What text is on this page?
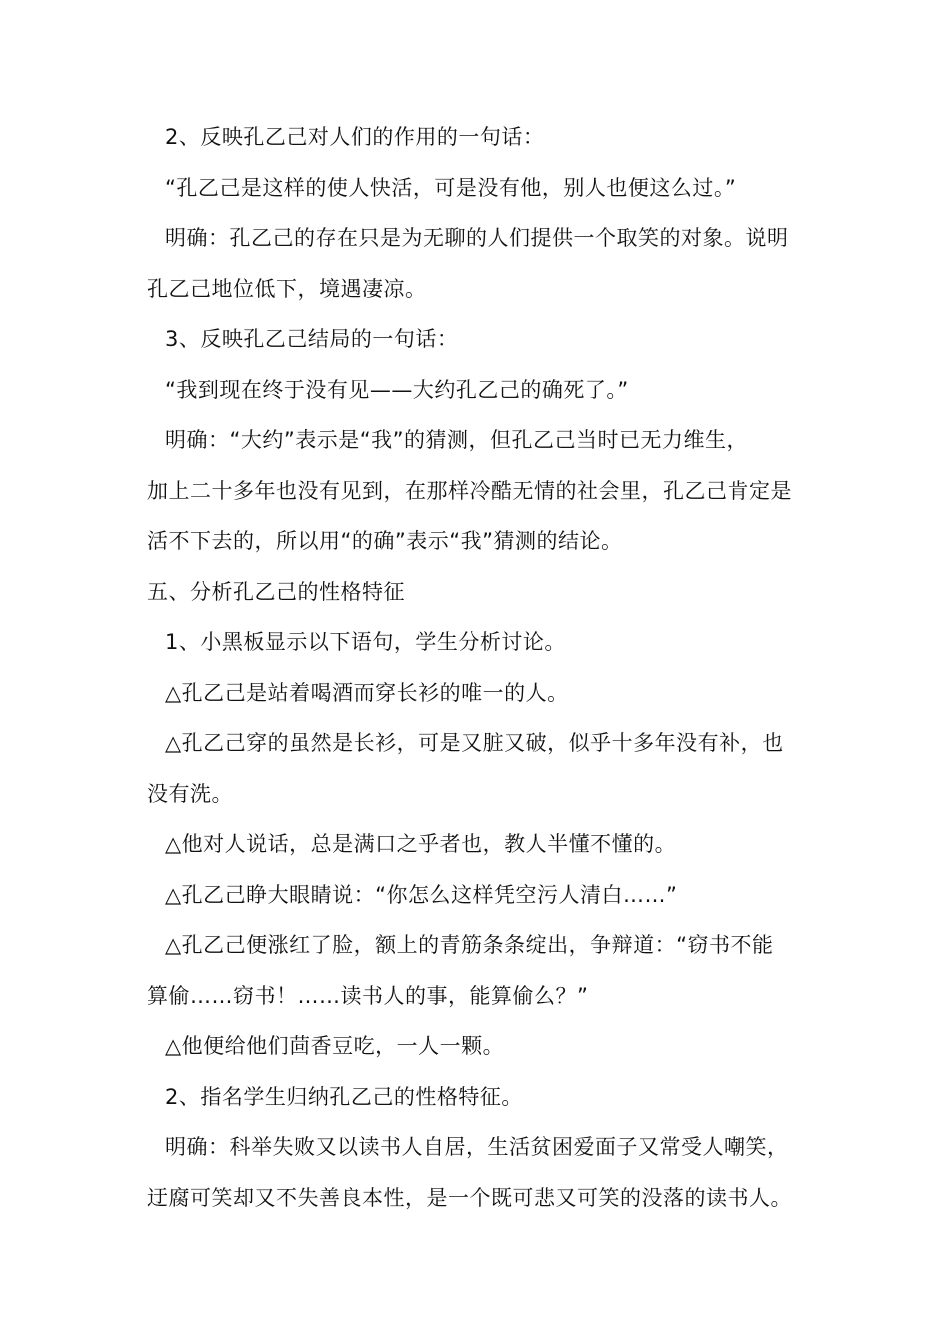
2、反映孔乙己对人们的作用的一句话：
“孔乙己是这样的使人快活，可是没有他，别人也便这么过。”
明确：孔乙己的存在只是为无聊的人们提供一个取笑的对象。说明
孔乙己地位低下，境遇凄凉。
3、反映孔乙己结局的一句话：
“我到现在终于没有见——大约孔乙己的确死了。”
明确：“大约”表示是“我”的猜测，但孔乙己当时已无力维生，
加上二十多年也没有见到，在那样冷酷无情的社会里，孔乙己肯定是
活不下去的，所以用“的确”表示“我”猜测的结论。
五、分析孔乙己的性格特征
1、小黑板显示以下语句，学生分析讨论。
△孔乙己是站着喝酒而穿长衫的唯一的人。
△孔乙己穿的虽然是长衫，可是又脏又破，似乎十多年没有补，也
没有洗。
△他对人说话，总是满口之乎者也，教人半懂不懂的。
△孔乙己睁大眼睛说：“你怎么这样凭空污人清白……”
△孔乙己便涨红了脸，额上的青筋条条绽出，争辩道：“窃书不能
算偷……窃书！……读书人的事，能算偷么？”
△他便给他们茴香豆吃，一人一颗。
2、指名学生归纳孔乙己的性格特征。
明确：科举失败又以读书人自居，生活贫困爱面子又常受人嘲笑，
迂腐可笑却又不失善良本性，是一个既可悲又可笑的没落的读书人。
